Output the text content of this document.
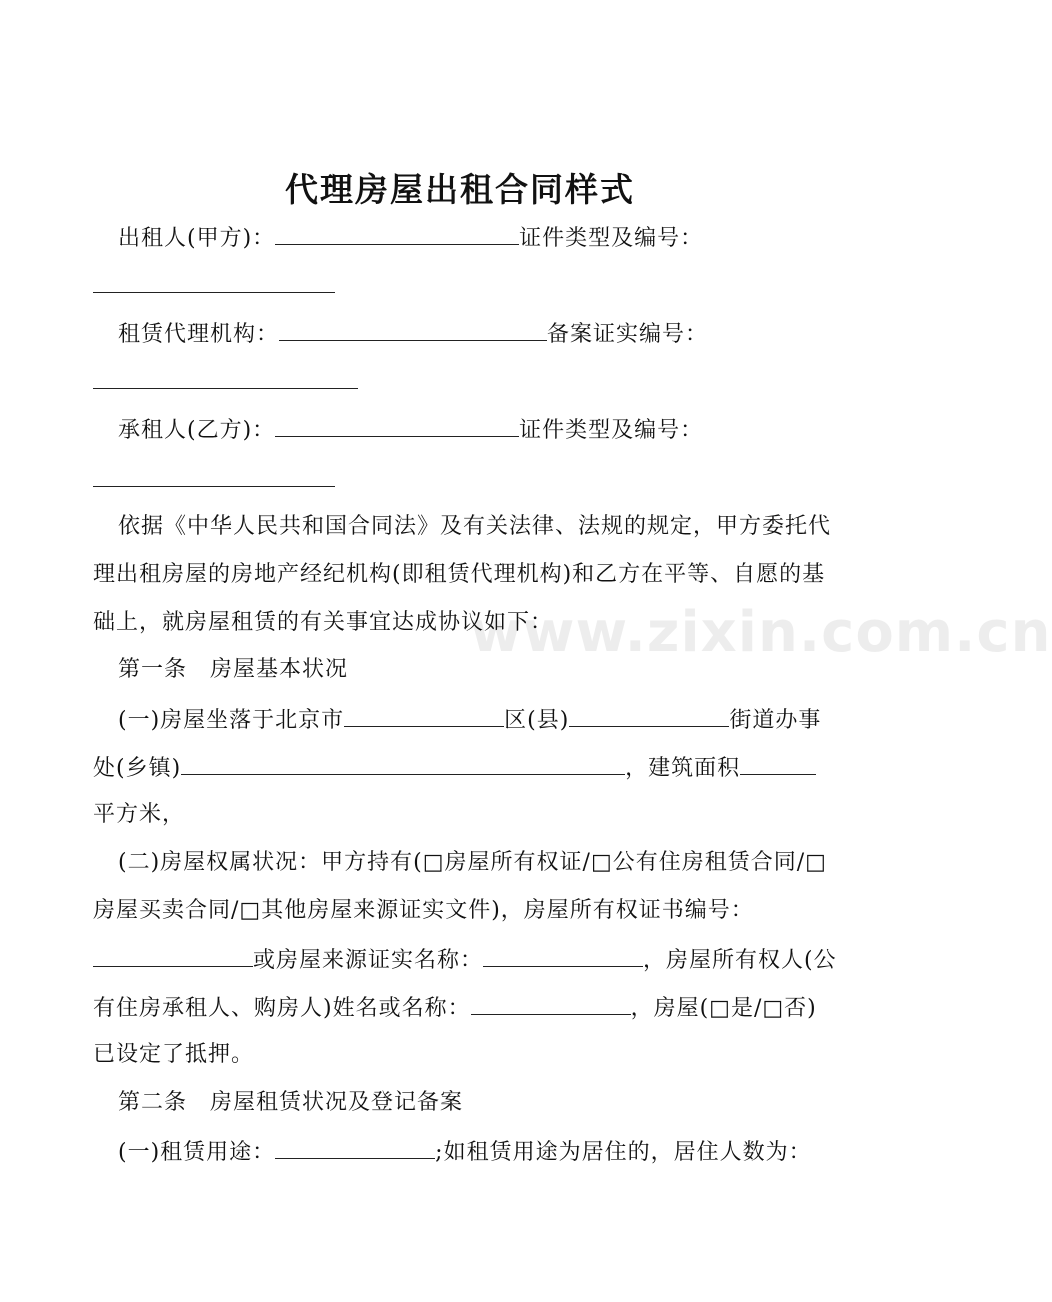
代理房屋出租合同样式
www.zixin.com.cn
出租人(甲方)：	证件类型及编号：
租赁代理机构：	备案证实编号：
承租人(乙方)：	证件类型及编号：
依据《中华人民共和国合同法》及有关法律、法规的规定，甲方委托代
理出租房屋的房地产经纪机构(即租赁代理机构)和乙方在平等、自愿的基
础上，就房屋租赁的有关事宜达成协议如下：
第一条　房屋基本状况
(一)房屋坐落于北京市	区(县)	街道办事
处(乡镇)	，建筑面积
平方米，
(二)房屋权属状况：甲方持有(□房屋所有权证/□公有住房租赁合同/□
房屋买卖合同/□其他房屋来源证实文件)，房屋所有权证书编号：
或房屋来源证实名称：	，房屋所有权人(公
有住房承租人、购房人)姓名或名称：	，房屋(□是/□否)
已设定了抵押。
第二条　房屋租赁状况及登记备案
(一)租赁用途：	;如租赁用途为居住的，居住人数为：
